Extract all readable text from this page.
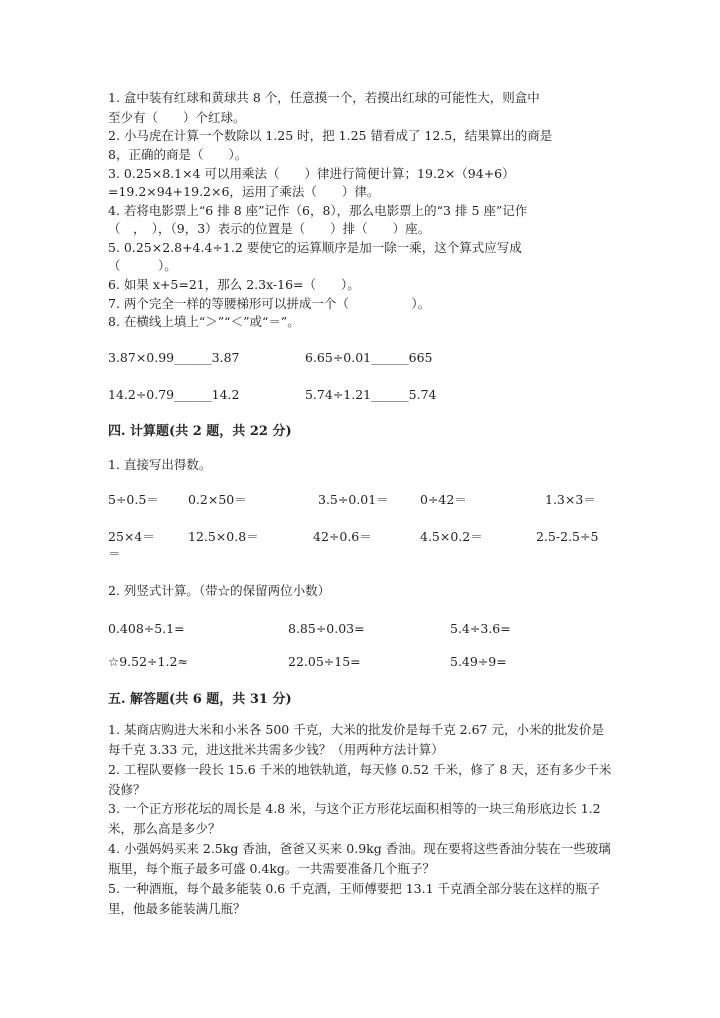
1. 盒中装有红球和黄球共 8 个，任意摸一个，若摸出红球的可能性大，则盒中
至少有（　　）个红球。
2. 小马虎在计算一个数除以 1.25 时，把 1.25 错看成了 12.5，结果算出的商是
8，正确的商是（　　）。
3. 0.25×8.1×4 可以用乘法（　　）律进行简便计算；19.2×（94+6）
=19.2×94+19.2×6，运用了乘法（　　）律。
4. 若将电影票上“6 排 8 座”记作（6，8），那么电影票上的“3 排 5 座”记作
（　，　），（9，3）表示的位置是（　　）排（　　）座。
5. 0.25×2.8+4.4÷1.2 要使它的运算顺序是加一除一乘，这个算式应写成
（　　　）。
6. 如果 x+5=21，那么 2.3x-16=（　　）。
7. 两个完全一样的等腰梯形可以拼成一个（　　　　　）。
8. 在横线上填上“＞”“＜”或“＝”。
3.87×0.99______3.87	6.65÷0.01______665
14.2÷0.79______14.2	5.74÷1.21______5.74
四. 计算题(共 2 题，共 22 分)
1. 直接写出得数。
5÷0.5＝ 0.2×50＝	3.5÷0.01＝	0÷42＝	1.3×3＝
25×4＝	12.5×0.8＝	42÷0.6＝	4.5×0.2＝	2.5-2.5÷5
＝
2. 列竖式计算。（带☆的保留两位小数）
0.408÷5.1=	8.85÷0.03=	5.4÷3.6=
☆9.52÷1.2≈	22.05÷15=	5.49÷9=
五. 解答题(共 6 题，共 31 分)
1. 某商店购进大米和小米各 500 千克，大米的批发价是每千克 2.67 元，小米的批发价是每千克 3.33 元，进这批米共需多少钱？（用两种方法计算）
2. 工程队要修一段长 15.6 千米的地铁轨道，每天修 0.52 千米，修了 8 天，还有多少千米没修？
3. 一个正方形花坛的周长是 4.8 米，与这个正方形花坛面积相等的一块三角形底边长 1.2 米，那么高是多少？
4. 小强妈妈买来 2.5kg 香油，爸爸又买来 0.9kg 香油。现在要将这些香油分装在一些玻璃瓶里，每个瓶子最多可盛 0.4kg。一共需要准备几个瓶子？
5. 一种酒瓶，每个最多能装 0.6 千克酒，王师傅要把 13.1 千克酒全部分装在这样的瓶子里，他最多能装满几瓶？
